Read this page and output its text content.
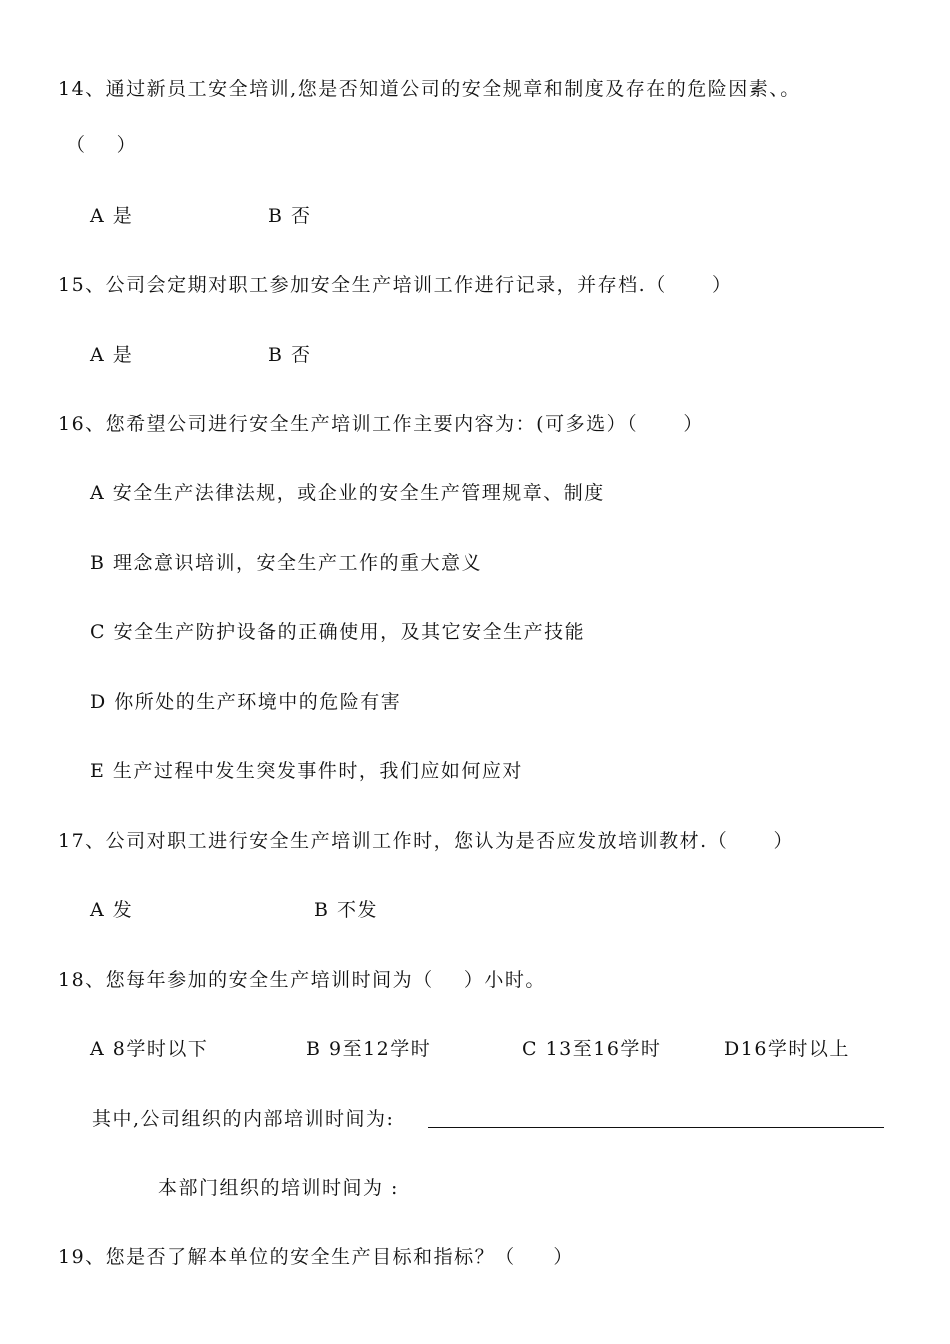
14、通过新员工安全培训,您是否知道公司的安全规章和制度及存在的危险因素、。
（    ）
A 是	B 否
15、公司会定期对职工参加安全生产培训工作进行记录，并存档.（      ）
A 是	B 否
16、您希望公司进行安全生产培训工作主要内容为：(可多选）（      ）
A 安全生产法律法规，或企业的安全生产管理规章、制度
B 理念意识培训，安全生产工作的重大意义
C 安全生产防护设备的正确使用，及其它安全生产技能
D 你所处的生产环境中的危险有害
E 生产过程中发生突发事件时，我们应如何应对
17、公司对职工进行安全生产培训工作时，您认为是否应发放培训教材.（      ）
A 发	B 不发
18、您每年参加的安全生产培训时间为（    ）小时。
A 8学时以下	B 9至12学时	C 13至16学时	D16学时以上
其中,公司组织的内部培训时间为:
本部门组织的培训时间为 :
19、您是否了解本单位的安全生产目标和指标？（     ）
